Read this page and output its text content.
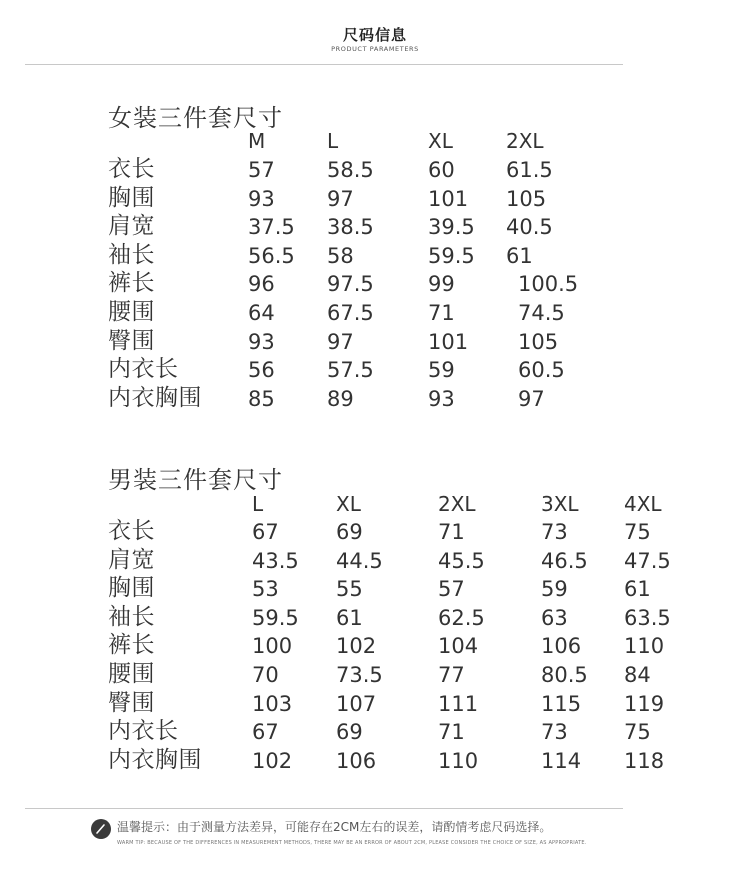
尺码信息
PRODUCT PARAMETERS
女装三件套尺寸
M	L	XL	2XL
衣长	57 58.5	60 61.5
胸围	93 97	101 105
肩宽	37.5 38.5	39.5 40.5
袖长	56.5 58	59.5 61
裤长	96 97.5	99	100.5
腰围	64 67.5	71	74.5
臀围	93 97	101 105
内衣长	56 57.5	59	60.5
内衣胸围 85 89	93	97
男装三件套尺寸
L	XL	2XL	3XL 4XL
衣长	67	69	71	73	75
肩宽	43.5 44.5	45.5	46.5 47.5
胸围	53	55	57	59	61
袖长	59.5 61	62.5	63	63.5
裤长	100 102	104	106 110
腰围	70	73.5	77	80.5 84
臀围	103 107	111	115 119
内衣长	67	69	71	73	75
内衣胸围 102 106	110	114 118
温馨提示：由于测量方法差异，可能存在2CM左右的误差，请酌情考虑尺码选择。
WARM TIP: BECAUSE OF THE DIFFERENCES IN MEASUREMENT METHODS, THERE MAY BE AN ERROR OF ABOUT 2CM, PLEASE CONSIDER THE CHOICE OF SIZE, AS APPROPRIATE.
